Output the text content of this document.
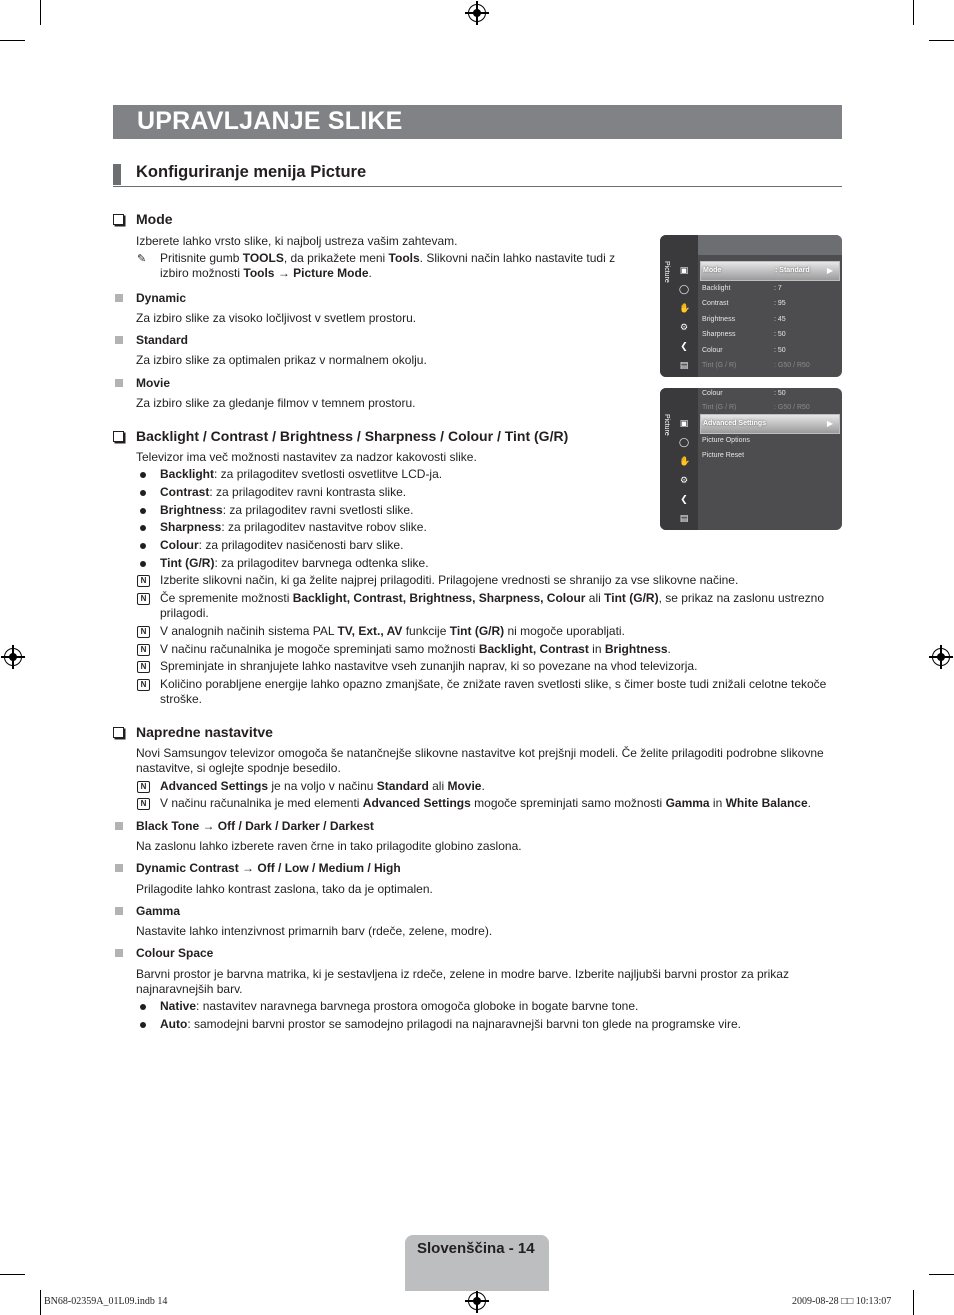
UPRAVLJANJE SLIKE
Konfiguriranje menija Picture
Mode
Izberete lahko vrsto slike, ki najbolj ustreza vašim zahtevam.
✎	Pritisnite gumb TOOLS, da prikažete meni Tools. Slikovni način lahko nastavite tudi z
izbiro možnosti Tools → Picture Mode.
Dynamic
Za izbiro slike za visoko ločljivost v svetlem prostoru.
Standard
Za izbiro slike za optimalen prikaz v normalnem okolju.
Movie
Za izbiro slike za gledanje filmov v temnem prostoru.
Picture ▣
◯
✋
⚙
❮
▤
Mode	: Standard ▶
Backlight	: 7
Contrast	: 95
Brightness	: 45
Sharpness	: 50
Colour	: 50
Tint (G / R)	: G50 / R50
Picture ▣
◯
✋
⚙
❮
▤
Colour	: 50
Tint (G / R)	: G50 / R50
Advanced Settings	▶
Picture Options
Picture Reset
Backlight / Contrast / Brightness / Sharpness / Colour / Tint (G/R)
Televizor ima več možnosti nastavitev za nadzor kakovosti slike.
Backlight: za prilagoditev svetlosti osvetlitve LCD-ja.
Contrast: za prilagoditev ravni kontrasta slike.
Brightness: za prilagoditev ravni svetlosti slike.
Sharpness: za prilagoditev nastavitve robov slike.
Colour: za prilagoditev nasičenosti barv slike.
Tint (G/R): za prilagoditev barvnega odtenka slike.
N	Izberite slikovni način, ki ga želite najprej prilagoditi. Prilagojene vrednosti se shranijo za vse slikovne načine.
N	Če spremenite možnosti Backlight, Contrast, Brightness, Sharpness, Colour ali Tint (G/R), se prikaz na zaslonu ustrezno
prilagodi.
N	V analognih načinih sistema PAL TV, Ext., AV funkcije Tint (G/R) ni mogoče uporabljati.
N	V načinu računalnika je mogoče spreminjati samo možnosti Backlight, Contrast in Brightness.
N	Spreminjate in shranjujete lahko nastavitve vseh zunanjih naprav, ki so povezane na vhod televizorja.
N	Količino porabljene energije lahko opazno zmanjšate, če znižate raven svetlosti slike, s čimer boste tudi znižali celotne tekoče
stroške.
Napredne nastavitve
Novi Samsungov televizor omogoča še natančnejše slikovne nastavitve kot prejšnji modeli. Če želite prilagoditi podrobne slikovne
nastavitve, si oglejte spodnje besedilo.
N	Advanced Settings je na voljo v načinu Standard ali Movie.
N	V načinu računalnika je med elementi Advanced Settings mogoče spreminjati samo možnosti Gamma in White Balance.
Black Tone → Off / Dark / Darker / Darkest
Na zaslonu lahko izberete raven črne in tako prilagodite globino zaslona.
Dynamic Contrast → Off / Low / Medium / High
Prilagodite lahko kontrast zaslona, tako da je optimalen.
Gamma
Nastavite lahko intenzivnost primarnih barv (rdeče, zelene, modre).
Colour Space
Barvni prostor je barvna matrika, ki je sestavljena iz rdeče, zelene in modre barve. Izberite najljubši barvni prostor za prikaz
najnaravnejših barv.
Native: nastavitev naravnega barvnega prostora omogoča globoke in bogate barvne tone.
Auto: samodejni barvni prostor se samodejno prilagodi na najnaravnejši barvni ton glede na programske vire.
Slovenščina - 14
BN68-02359A_01L09.indb 14	2009-08-28 □□ 10:13:07
